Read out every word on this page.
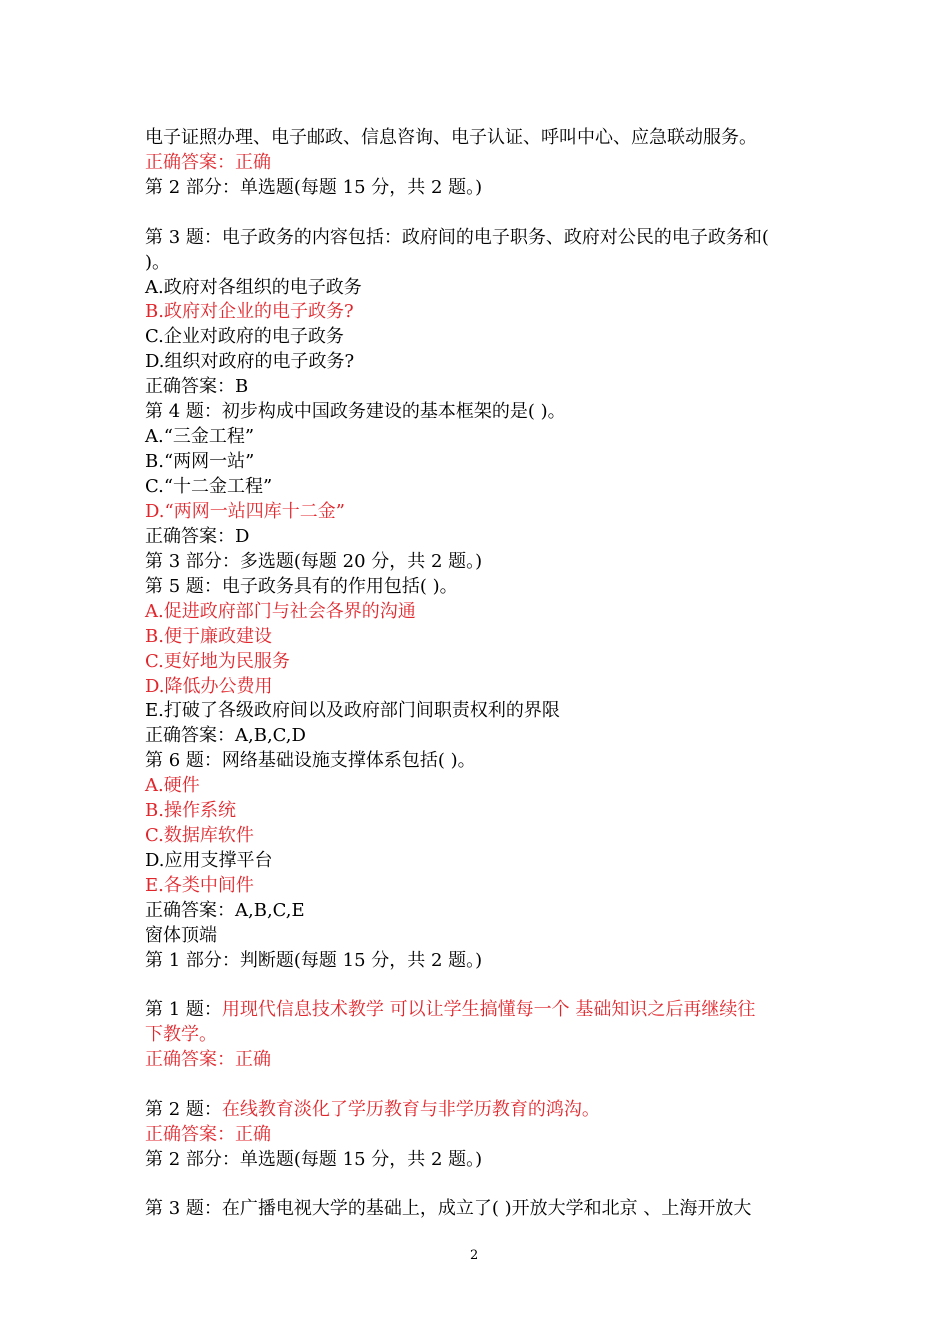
电子证照办理、电子邮政、信息咨询、电子认证、呼叫中心、应急联动服务。
正确答案：正确
第 2 部分：单选题(每题 15 分，共 2 题。)
第 3 题：电子政务的内容包括：政府间的电子职务、政府对公民的电子政务和(
)。
A.政府对各组织的电子政务
B.政府对企业的电子政务?
C.企业对政府的电子政务
D.组织对政府的电子政务?
正确答案：B
第 4 题：初步构成中国政务建设的基本框架的是( )。
A.“三金工程”
B.“两网一站”
C.“十二金工程”
D.“两网一站四库十二金”
正确答案：D
第 3 部分：多选题(每题 20 分，共 2 题。)
第 5 题：电子政务具有的作用包括( )。
A.促进政府部门与社会各界的沟通
B.便于廉政建设
C.更好地为民服务
D.降低办公费用
E.打破了各级政府间以及政府部门间职责权利的界限
正确答案：A,B,C,D
第 6 题：网络基础设施支撑体系包括( )。
A.硬件
B.操作系统
C.数据库软件
D.应用支撑平台
E.各类中间件
正确答案：A,B,C,E
窗体顶端
第 1 部分：判断题(每题 15 分，共 2 题。)
第 1 题：用现代信息技术教学 可以让学生搞懂每一个 基础知识之后再继续往
下教学。
正确答案：正确
第 2 题：在线教育淡化了学历教育与非学历教育的鸿沟。
正确答案：正确
第 2 部分：单选题(每题 15 分，共 2 题。)
第 3 题：在广播电视大学的基础上，成立了( )开放大学和北京 、上海开放大
2
